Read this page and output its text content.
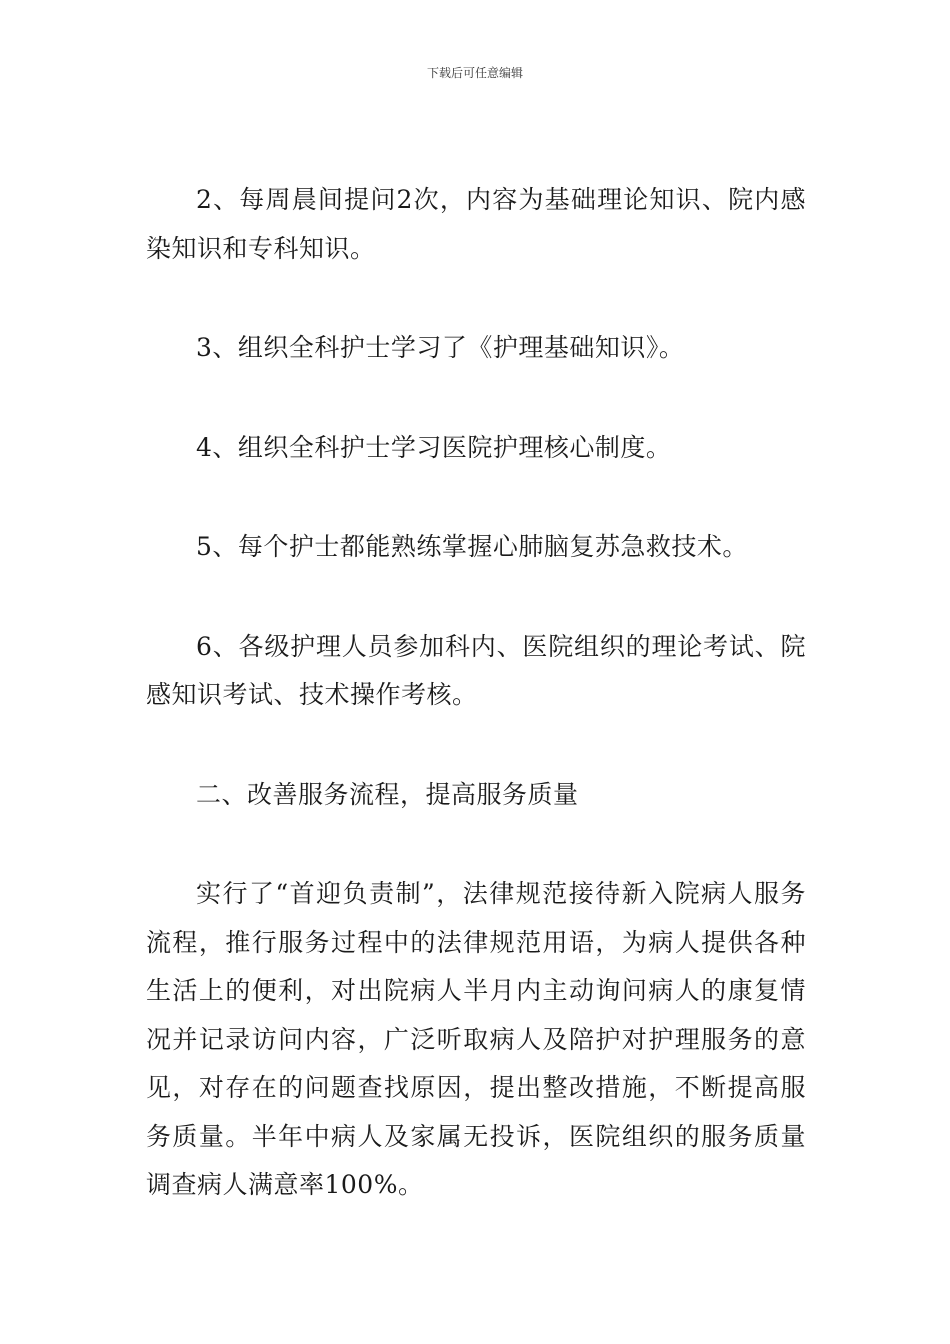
下载后可任意编辑

2、每周晨间提问2次，内容为基础理论知识、院内感染知识和专科知识。

3、组织全科护士学习了《护理基础知识》。

4、组织全科护士学习医院护理核心制度。

5、每个护士都能熟练掌握心肺脑复苏急救技术。

6、各级护理人员参加科内、医院组织的理论考试、院感知识考试、技术操作考核。

二、改善服务流程，提高服务质量

实行了“首迎负责制”，法律规范接待新入院病人服务流程，推行服务过程中的法律规范用语，为病人提供各种生活上的便利，对出院病人半月内主动询问病人的康复情况并记录访问内容，广泛听取病人及陪护对护理服务的意见，对存在的问题查找原因，提出整改措施，不断提高服务质量。半年中病人及家属无投诉，医院组织的服务质量调查病人满意率100%。
